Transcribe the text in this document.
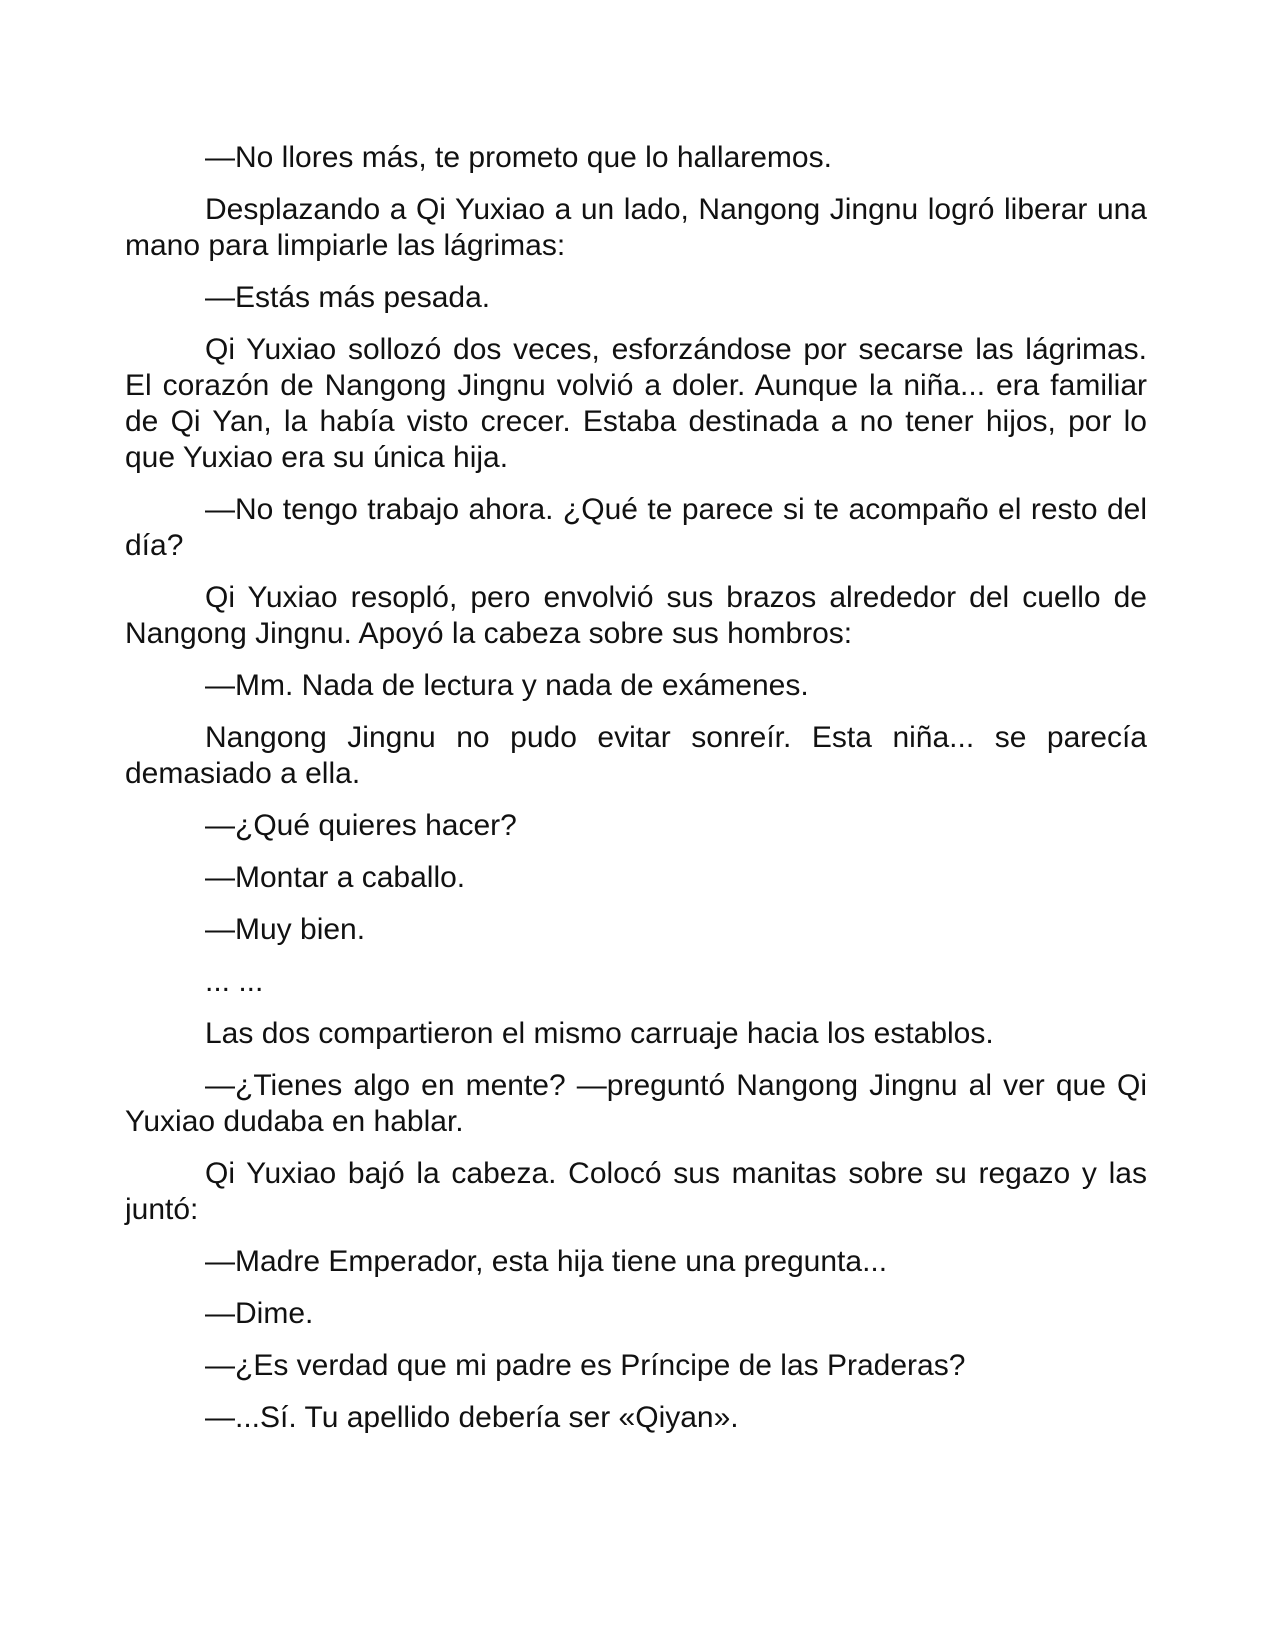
—No llores más, te prometo que lo hallaremos.

Desplazando a Qi Yuxiao a un lado, Nangong Jingnu logró liberar una mano para limpiarle las lágrimas:

—Estás más pesada.

Qi Yuxiao sollozó dos veces, esforzándose por secarse las lágrimas. El corazón de Nangong Jingnu volvió a doler. Aunque la niña... era familiar de Qi Yan, la había visto crecer. Estaba destinada a no tener hijos, por lo que Yuxiao era su única hija.

—No tengo trabajo ahora. ¿Qué te parece si te acompaño el resto del día?

Qi Yuxiao resopló, pero envolvió sus brazos alrededor del cuello de Nangong Jingnu. Apoyó la cabeza sobre sus hombros:

—Mm. Nada de lectura y nada de exámenes.

Nangong Jingnu no pudo evitar sonreír. Esta niña... se parecía demasiado a ella.

—¿Qué quieres hacer?

—Montar a caballo.

—Muy bien.

... ...

Las dos compartieron el mismo carruaje hacia los establos.

—¿Tienes algo en mente? —preguntó Nangong Jingnu al ver que Qi Yuxiao dudaba en hablar.

Qi Yuxiao bajó la cabeza. Colocó sus manitas sobre su regazo y las juntó:

—Madre Emperador, esta hija tiene una pregunta...

—Dime.

—¿Es verdad que mi padre es Príncipe de las Praderas?

—...Sí. Tu apellido debería ser «Qiyan».
